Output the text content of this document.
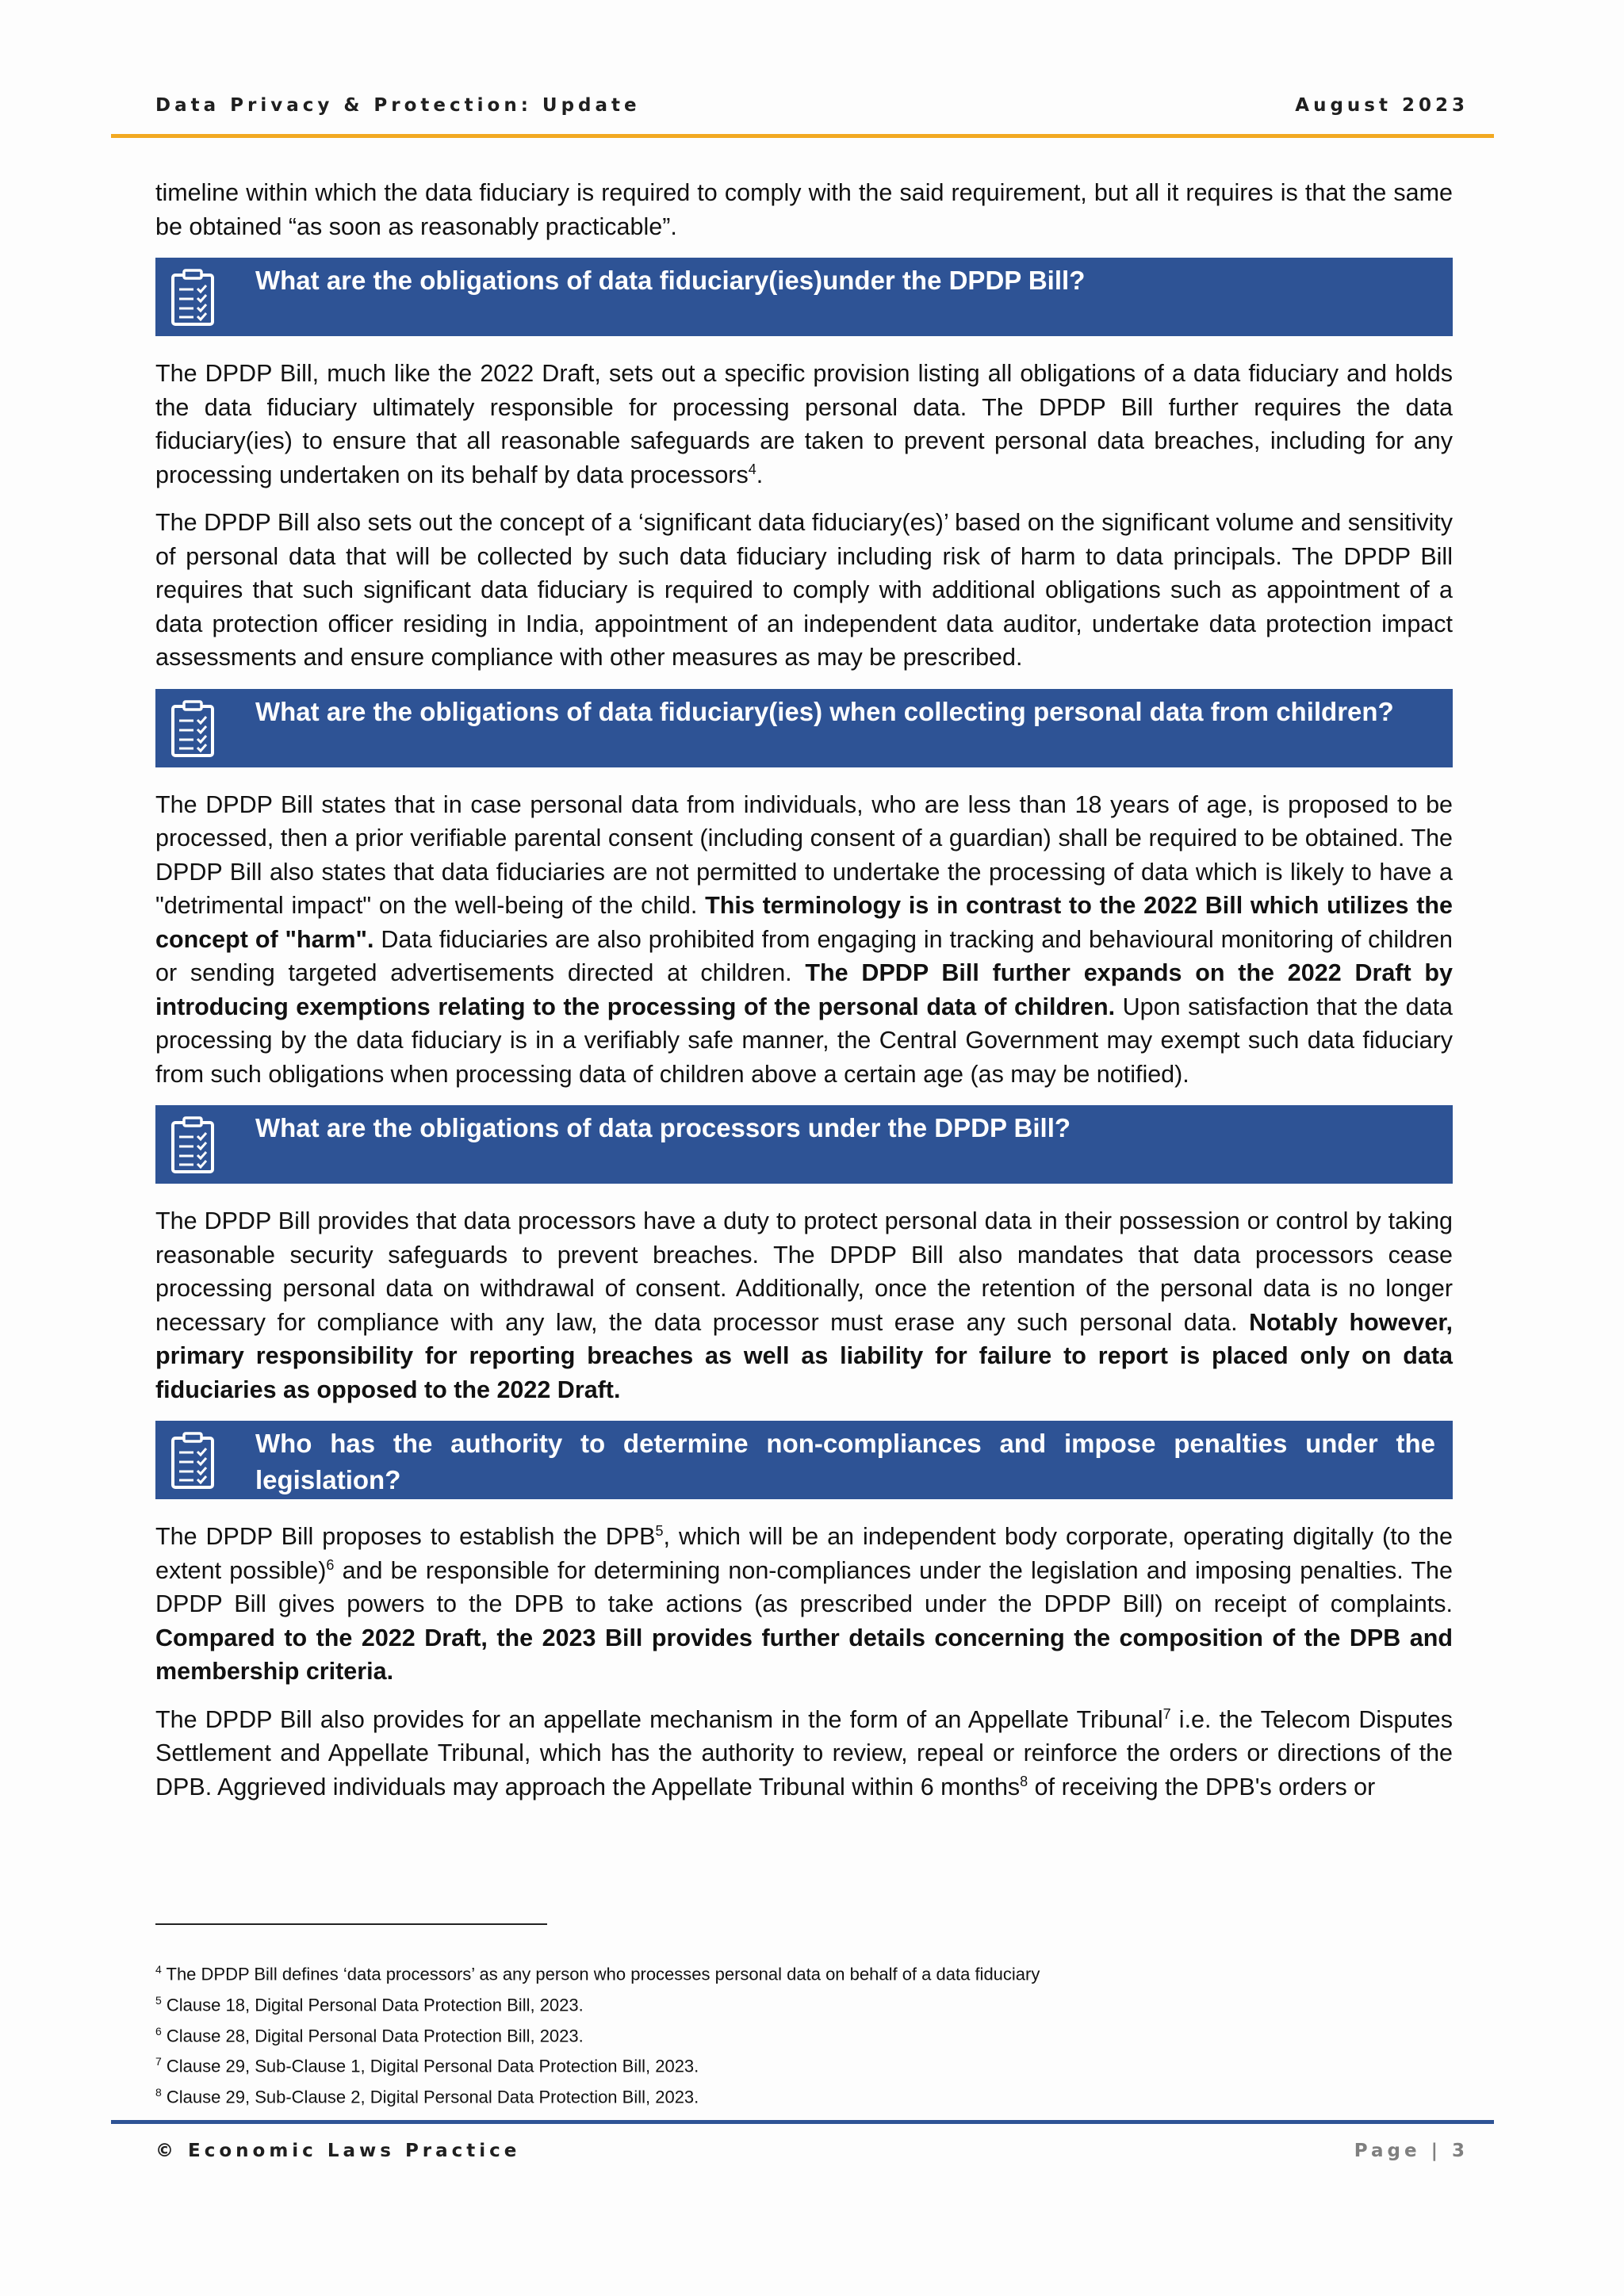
Data Privacy & Protection: Update	August 2023

timeline within which the data fiduciary is required to comply with the said requirement, but all it requires is that the same be obtained “as soon as reasonably practicable”.

What are the obligations of data fiduciary(ies)under the DPDP Bill?

The DPDP Bill, much like the 2022 Draft, sets out a specific provision listing all obligations of a data fiduciary and holds the data fiduciary ultimately responsible for processing personal data. The DPDP Bill further requires the data fiduciary(ies) to ensure that all reasonable safeguards are taken to prevent personal data breaches, including for any processing undertaken on its behalf by data processors$^4$.

The DPDP Bill also sets out the concept of a ‘significant data fiduciary(es)’ based on the significant volume and sensitivity of personal data that will be collected by such data fiduciary including risk of harm to data principals. The DPDP Bill requires that such significant data fiduciary is required to comply with additional obligations such as appointment of a data protection officer residing in India, appointment of an independent data auditor, undertake data protection impact assessments and ensure compliance with other measures as may be prescribed.

What are the obligations of data fiduciary(ies) when collecting personal data from children?

The DPDP Bill states that in case personal data from individuals, who are less than 18 years of age, is proposed to be processed, then a prior verifiable parental consent (including consent of a guardian) shall be required to be obtained. The DPDP Bill also states that data fiduciaries are not permitted to undertake the processing of data which is likely to have a "detrimental impact" on the well-being of the child. This terminology is in contrast to the 2022 Bill which utilizes the concept of "harm". Data fiduciaries are also prohibited from engaging in tracking and behavioural monitoring of children or sending targeted advertisements directed at children. The DPDP Bill further expands on the 2022 Draft by introducing exemptions relating to the processing of the personal data of children. Upon satisfaction that the data processing by the data fiduciary is in a verifiably safe manner, the Central Government may exempt such data fiduciary from such obligations when processing data of children above a certain age (as may be notified).

What are the obligations of data processors under the DPDP Bill?

The DPDP Bill provides that data processors have a duty to protect personal data in their possession or control by taking reasonable security safeguards to prevent breaches. The DPDP Bill also mandates that data processors cease processing personal data on withdrawal of consent. Additionally, once the retention of the personal data is no longer necessary for compliance with any law, the data processor must erase any such personal data. Notably however, primary responsibility for reporting breaches as well as liability for failure to report is placed only on data fiduciaries as opposed to the 2022 Draft.

Who has the authority to determine non-compliances and impose penalties under the legislation?

The DPDP Bill proposes to establish the DPB$^5$, which will be an independent body corporate, operating digitally (to the extent possible)$^6$ and be responsible for determining non-compliances under the legislation and imposing penalties. The DPDP Bill gives powers to the DPB to take actions (as prescribed under the DPDP Bill) on receipt of complaints. Compared to the 2022 Draft, the 2023 Bill provides further details concerning the composition of the DPB and membership criteria.

The DPDP Bill also provides for an appellate mechanism in the form of an Appellate Tribunal$^7$ i.e. the Telecom Disputes Settlement and Appellate Tribunal, which has the authority to review, repeal or reinforce the orders or directions of the DPB. Aggrieved individuals may approach the Appellate Tribunal within 6 months$^8$ of receiving the DPB's orders or

$^4$ The DPDP Bill defines ‘data processors’ as any person who processes personal data on behalf of a data fiduciary
$^5$ Clause 18, Digital Personal Data Protection Bill, 2023.
$^6$ Clause 28, Digital Personal Data Protection Bill, 2023.
$^7$ Clause 29, Sub-Clause 1, Digital Personal Data Protection Bill, 2023.
$^8$ Clause 29, Sub-Clause 2, Digital Personal Data Protection Bill, 2023.
© Economic Laws Practice	Page | 3
